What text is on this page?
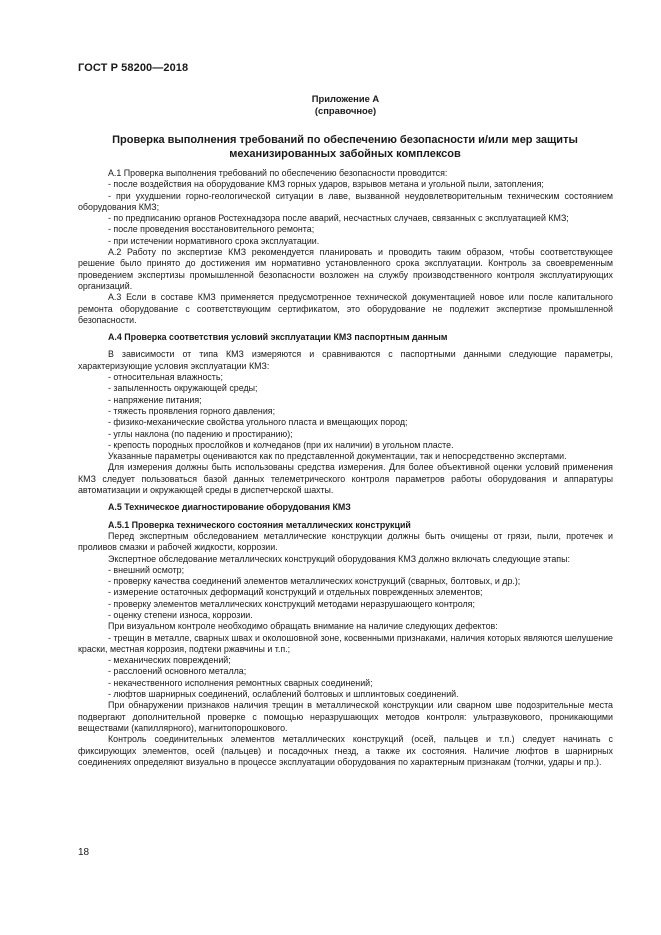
ГОСТ Р 58200—2018
Приложение А
(справочное)
Проверка выполнения требований по обеспечению безопасности и/или мер защиты
механизированных забойных комплексов

А.1 Проверка выполнения требований по обеспечению безопасности проводится:

- после воздействия на оборудование КМЗ горных ударов, взрывов метана и угольной пыли, затопления;

- при ухудшении горно-геологической ситуации в лаве, вызванной неудовлетворительным техническим состоянием оборудования КМЗ;

- по предписанию органов Ростехнадзора после аварий, несчастных случаев, связанных с эксплуатацией КМЗ;

- после проведения восстановительного ремонта;

- при истечении нормативного срока эксплуатации.

А.2 Работу по экспертизе КМЗ рекомендуется планировать и проводить таким образом, чтобы соответствующее решение было принято до достижения им нормативно установленного срока эксплуатации. Контроль за своевременным проведением экспертизы промышленной безопасности возложен на службу производственного контроля эксплуатирующих организаций.

А.3 Если в составе КМЗ применяется предусмотренное технической документацией новое или после капитального ремонта оборудование с соответствующим сертификатом, это оборудование не подлежит экспертизе промышленной безопасности.

А.4 Проверка соответствия условий эксплуатации КМЗ паспортным данным

В зависимости от типа КМЗ измеряются и сравниваются с паспортными данными следующие параметры, характеризующие условия эксплуатации КМЗ:

- относительная влажность;

- запыленность окружающей среды;

- напряжение питания;

- тяжесть проявления горного давления;

- физико-механические свойства угольного пласта и вмещающих пород;

- углы наклона (по падению и простиранию);

- крепость породных прослойков и колчеданов (при их наличии) в угольном пласте.

Указанные параметры оцениваются как по представленной документации, так и непосредственно экспертами.

Для измерения должны быть использованы средства измерения. Для более объективной оценки условий применения КМЗ следует пользоваться базой данных телеметрического контроля параметров работы оборудования и аппаратуры автоматизации и окружающей среды в диспетчерской шахты.

А.5 Техническое диагностирование оборудования КМЗ

А.5.1 Проверка технического состояния металлических конструкций

Перед экспертным обследованием металлические конструкции должны быть очищены от грязи, пыли, протечек и проливов смазки и рабочей жидкости, коррозии.

Экспертное обследование металлических конструкций оборудования КМЗ должно включать следующие этапы:

- внешний осмотр;

- проверку качества соединений элементов металлических конструкций (сварных, болтовых, и др.);

- измерение остаточных деформаций конструкций и отдельных поврежденных элементов;

- проверку элементов металлических конструкций методами неразрушающего контроля;

- оценку степени износа, коррозии.

При визуальном контроле необходимо обращать внимание на наличие следующих дефектов:

- трещин в металле, сварных швах и околошовной зоне, косвенными признаками, наличия которых являются шелушение краски, местная коррозия, подтеки ржавчины и т.п.;

- механических повреждений;

- расслоений основного металла;

- некачественного исполнения ремонтных сварных соединений;

- люфтов шарнирных соединений, ослаблений болтовых и шплинтовых соединений.

При обнаружении признаков наличия трещин в металлической конструкции или сварном шве подозрительные места подвергают дополнительной проверке с помощью неразрушающих методов контроля: ультразвукового, проникающими веществами (капиллярного), магнитопорошкового.

Контроль соединительных элементов металлических конструкций (осей, пальцев и т.п.) следует начинать с фиксирующих элементов, осей (пальцев) и посадочных гнезд, а также их состояния. Наличие люфтов в шарнирных соединениях определяют визуально в процессе эксплуатации оборудования по характерным признакам (толчки, удары и пр.).

18
